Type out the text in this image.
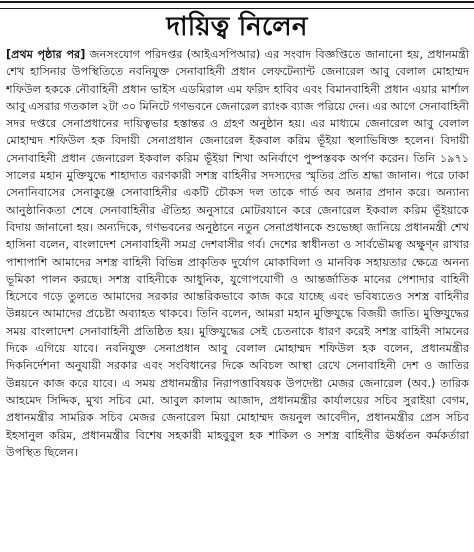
দায়িত্ব নিলেন
[প্রথম পৃষ্ঠার পর] জনসংযোগ পরিদপ্তর (আইএসপিআর) এর সংবাদ বিজ্ঞপ্তিতে জানানো হয়, প্রধানমন্ত্রী শেখ হাসিনার উপস্থিতিতে নবনিযুক্ত সেনাবাহিনী প্রধান লেফটেন্যান্ট জেনারেল আবু বেলাল মোহাম্মদ শফিউল হককে নৌবাহিনী প্রধান ভাইস এডমিরাল এম ফরিদ হাবিব এবং বিমানবাহিনী প্রধান এয়ার মার্শাল আবু এসরার গতকাল ২টা ৩০ মিনিটে গণভবনে জেনারেল র‍্যাংক ব্যাজ পরিয়ে দেন। এর আগে সেনাবাহিনী সদর দপ্তরে সেনাপ্রধানের দায়িত্বভার হস্তান্তর ও গ্রহণ অনুষ্ঠান হয়। এর মাধ্যমে জেনারেল আবু বেলাল মোহাম্মদ শফিউল হক বিদায়ী সেনাপ্রধান জেনারেল ইকবাল করিম ভূঁইয়া স্থলাভিষিক্ত হলেন। বিদায়ী সেনাবাহিনী প্রধান জেনারেল ইকবাল করিম ভূঁইয়া শিখা অনির্বাণে পুষ্পস্তবক অর্পণ করেন। তিনি ১৯৭১ সালের মহান মুক্তিযুদ্ধে শাহাদাত বরণকারী সশস্ত্র বাহিনীর সদস্যদের স্মৃতির প্রতি শ্রদ্ধা জানান। পরে ঢাকা সেনানিবাসের সেনাকুঞ্জে সেনাবাহিনীর একটি চৌকস দল তাকে গার্ড অব অনার প্রদান করে। অন্যান্য আনুষ্ঠানিকতা শেষে সেনাবাহিনীর ঐতিহ্য অনুসারে মোটরযানে করে জেনারেল ইকবাল করিম ভূঁইয়াকে বিদায় জানানো হয়। অন্যদিকে, গণভবনের অনুষ্ঠানে নতুন সেনাপ্রধানকে শুভেচ্ছা জানিয়ে প্রধানমন্ত্রী শেখ হাসিনা বলেন, বাংলাদেশ সেনাবাহিনী সমগ্র দেশবাসীর গর্ব। দেশের স্বাধীনতা ও সার্বভৌমত্ব অক্ষুণ্ন রাখার পাশাপাশি আমাদের সশস্ত্র বাহিনী বিভিন্ন প্রাকৃতিক দুর্যোগ মোকাবিলা ও মানবিক সহায়তার ক্ষেত্রে অনন্য ভূমিকা পালন করছে। সশস্ত্র বাহিনীকে আধুনিক, যুগোপযোগী ও আন্তর্জাতিক মানের পেশাদার বাহিনী হিসেবে গড়ে তুলতে আমাদের সরকার আন্তরিকভাবে কাজ করে যাচ্ছে এবং ভবিষ্যতেও সশস্ত্র বাহিনীর উন্নয়নে আমাদের প্রচেষ্টা অব্যাহত থাকবে। তিনি বলেন, আমরা মহান মুক্তিযুদ্ধে বিজয়ী জাতি। মুক্তিযুদ্ধের সময় বাংলাদেশ সেনাবাহিনী প্রতিষ্ঠিত হয়। মুক্তিযুদ্ধের সেই চেতনাকে ধারণ করেই সশস্ত্র বাহিনী সামনের দিকে এগিয়ে যাবে। নবনিযুক্ত সেনাপ্রধান আবু বেলাল মোহাম্মদ শফিউল হক বলেন, প্রধানমন্ত্রীর দিকনির্দেশনা অনুযায়ী সরকার এবং সংবিধানের দিকে অবিচল আস্থা রেখে সেনাবাহিনী দেশ ও জাতির উন্নয়নে কাজ করে যাবে। এ সময় প্রধানমন্ত্রীর নিরাপত্তাবিষয়ক উপদেষ্টা মেজর জেনারেল (অব.) তারিক আহমেদ সিদ্দিক, মুখ্য সচিব মো. আবুল কালাম আজাদ, প্রধানমন্ত্রীর কার্যালয়ের সচিব সুরাইয়া বেগম, প্রধানমন্ত্রীর সামরিক সচিব মেজর জেনারেল মিয়া মোহাম্মদ জয়নুল আবেদীন, প্রধানমন্ত্রীর প্রেস সচিব ইহসানুল করিম, প্রধানমন্ত্রীর বিশেষ সহকারী মাহবুবুল হক শাকিল ও সশস্ত্র বাহিনীর ঊর্ধ্বতন কর্মকর্তারা উপস্থিত ছিলেন।
